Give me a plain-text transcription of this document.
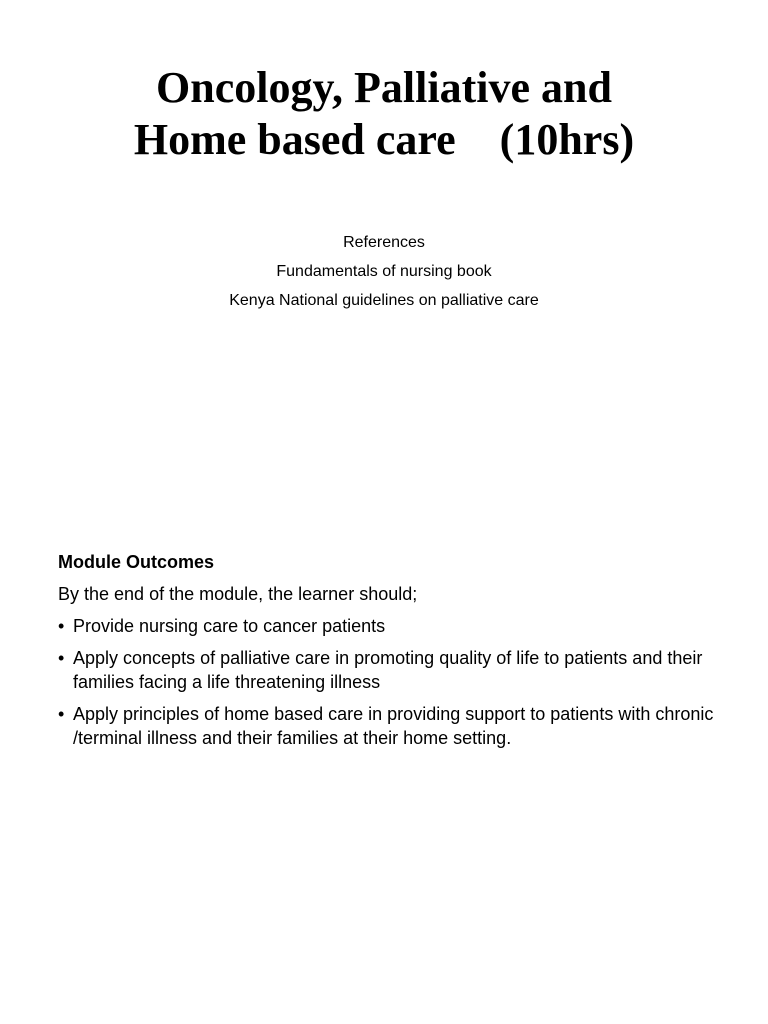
Oncology, Palliative and
Home based care    (10hrs)
References
Fundamentals of nursing book
Kenya National guidelines on palliative care

Module Outcomes

By the end of the module, the learner should;

• Provide nursing care to cancer patients
• Apply concepts of palliative care in promoting quality of life to patients and their families facing a life threatening illness
• Apply principles of home based care in providing support to patients with chronic /terminal illness and their families at their home setting.
